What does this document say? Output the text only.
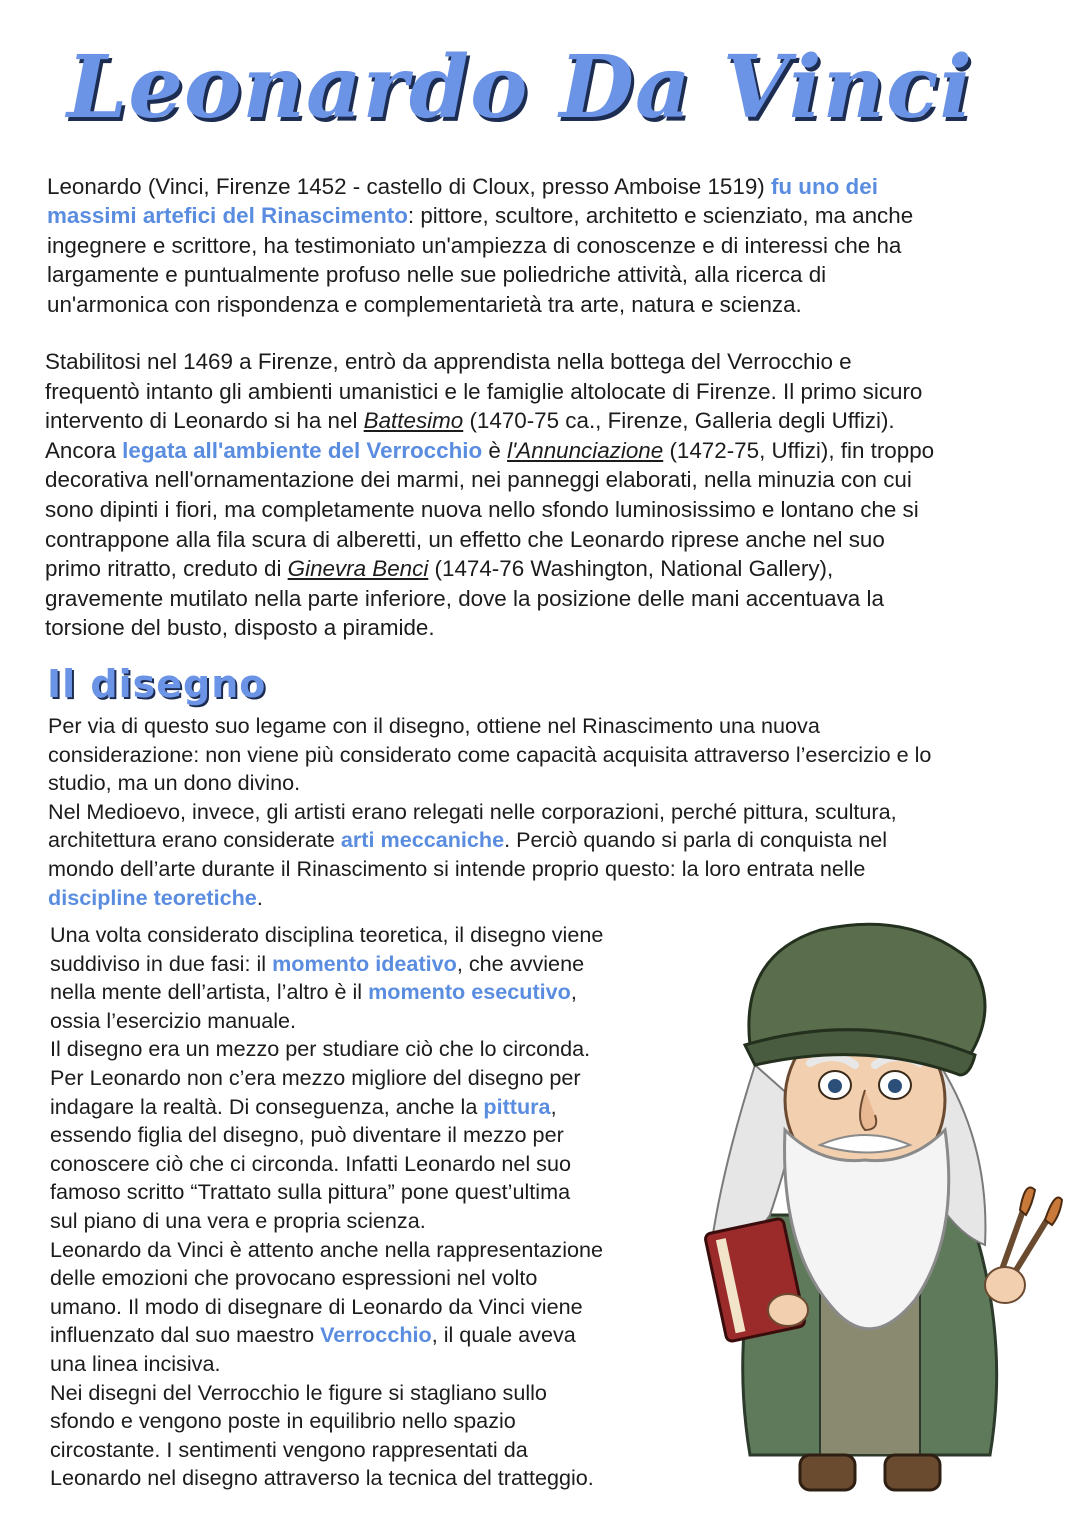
Leonardo Da Vinci
Leonardo (Vinci, Firenze 1452 - castello di Cloux, presso Amboise 1519) fu uno dei
massimi artefici del Rinascimento: pittore, scultore, architetto e scienziato, ma anche
ingegnere e scrittore, ha testimoniato un'ampiezza di conoscenze e di interessi che ha
largamente e puntualmente profuso nelle sue poliedriche attività, alla ricerca di
un'armonica con rispondenza e complementarietà tra arte, natura e scienza.
Stabilitosi nel 1469 a Firenze, entrò da apprendista nella bottega del Verrocchio e
frequentò intanto gli ambienti umanistici e le famiglie altolocate di Firenze. Il primo sicuro
intervento di Leonardo si ha nel Battesimo (1470-75 ca., Firenze, Galleria degli Uffizi).
Ancora legata all'ambiente del Verrocchio è l'Annunciazione (1472-75, Uffizi), fin troppo
decorativa nell'ornamentazione dei marmi, nei panneggi elaborati, nella minuzia con cui
sono dipinti i fiori, ma completamente nuova nello sfondo luminosissimo e lontano che si
contrappone alla fila scura di alberetti, un effetto che Leonardo riprese anche nel suo
primo ritratto, creduto di Ginevra Benci (1474-76 Washington, National Gallery),
gravemente mutilato nella parte inferiore, dove la posizione delle mani accentuava la
torsione del busto, disposto a piramide.
Il disegno
Per via di questo suo legame con il disegno, ottiene nel Rinascimento una nuova
considerazione: non viene più considerato come capacità acquisita attraverso l’esercizio e lo
studio, ma un dono divino.
Nel Medioevo, invece, gli artisti erano relegati nelle corporazioni, perché pittura, scultura,
architettura erano considerate arti meccaniche. Perciò quando si parla di conquista nel
mondo dell’arte durante il Rinascimento si intende proprio questo: la loro entrata nelle
discipline teoretiche.
Una volta considerato disciplina teoretica, il disegno viene
suddiviso in due fasi: il momento ideativo, che avviene
nella mente dell’artista, l’altro è il momento esecutivo,
ossia l’esercizio manuale.
Il disegno era un mezzo per studiare ciò che lo circonda.
Per Leonardo non c’era mezzo migliore del disegno per
indagare la realtà. Di conseguenza, anche la pittura,
essendo figlia del disegno, può diventare il mezzo per
conoscere ciò che ci circonda. Infatti Leonardo nel suo
famoso scritto “Trattato sulla pittura” pone quest’ultima
sul piano di una vera e propria scienza.
Leonardo da Vinci è attento anche nella rappresentazione
delle emozioni che provocano espressioni nel volto
umano. Il modo di disegnare di Leonardo da Vinci viene
influenzato dal suo maestro Verrocchio, il quale aveva
una linea incisiva.
Nei disegni del Verrocchio le figure si stagliano sullo
sfondo e vengono poste in equilibrio nello spazio
circostante. I sentimenti vengono rappresentati da
Leonardo nel disegno attraverso la tecnica del tratteggio.
